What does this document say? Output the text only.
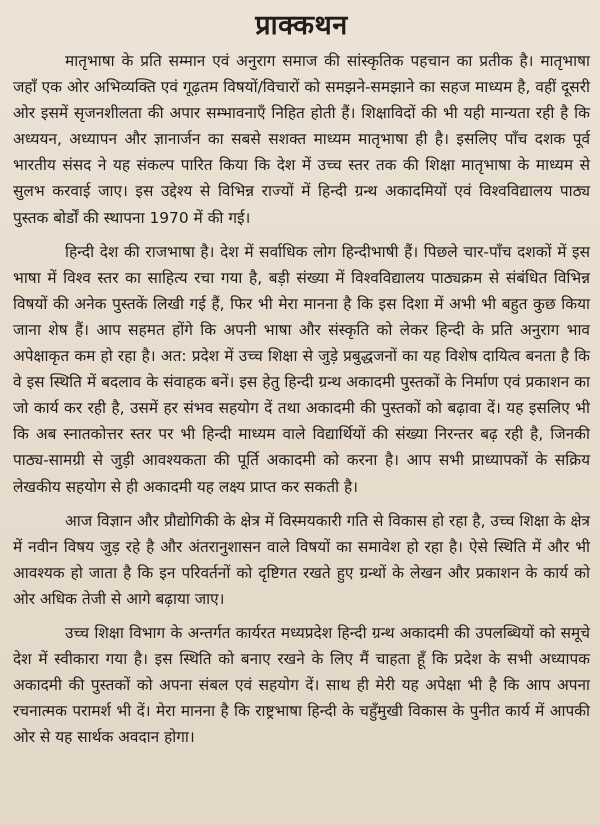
प्राक्कथन

मातृभाषा के प्रति सम्मान एवं अनुराग समाज की सांस्कृतिक पहचान का प्रतीक है। मातृभाषा जहाँ एक ओर अभिव्यक्ति एवं गूढ़तम विषयों/विचारों को समझने-समझाने का सहज माध्यम है, वहीं दूसरी ओर इसमें सृजनशीलता की अपार सम्भावनाएँ निहित होती हैं। शिक्षाविदों की भी यही मान्यता रही है कि अध्ययन, अध्यापन और ज्ञानार्जन का सबसे सशक्त माध्यम मातृभाषा ही है। इसलिए पाँच दशक पूर्व भारतीय संसद ने यह संकल्प पारित किया कि देश में उच्च स्तर तक की शिक्षा मातृभाषा के माध्यम से सुलभ करवाई जाए। इस उद्देश्य से विभिन्न राज्यों में हिन्दी ग्रन्थ अकादमियों एवं विश्वविद्यालय पाठ्य पुस्तक बोर्डों की स्थापना 1970 में की गई।

हिन्दी देश की राजभाषा है। देश में सर्वाधिक लोग हिन्दीभाषी हैं। पिछले चार-पाँच दशकों में इस भाषा में विश्व स्तर का साहित्य रचा गया है, बड़ी संख्या में विश्वविद्यालय पाठ्यक्रम से संबंधित विभिन्न विषयों की अनेक पुस्तकें लिखी गई हैं, फिर भी मेरा मानना है कि इस दिशा में अभी भी बहुत कुछ किया जाना शेष हैं। आप सहमत होंगे कि अपनी भाषा और संस्कृति को लेकर हिन्दी के प्रति अनुराग भाव अपेक्षाकृत कम हो रहा है। अत: प्रदेश में उच्च शिक्षा से जुड़े प्रबुद्धजनों का यह विशेष दायित्व बनता है कि वे इस स्थिति में बदलाव के संवाहक बनें। इस हेतु हिन्दी ग्रन्थ अकादमी पुस्तकों के निर्माण एवं प्रकाशन का जो कार्य कर रही है, उसमें हर संभव सहयोग दें तथा अकादमी की पुस्तकों को बढ़ावा दें। यह इसलिए भी कि अब स्नातकोत्तर स्तर पर भी हिन्दी माध्यम वाले विद्यार्थियों की संख्या निरन्तर बढ़ रही है, जिनकी पाठ्य-सामग्री से जुड़ी आवश्यकता की पूर्ति अकादमी को करना है। आप सभी प्राध्यापकों के सक्रिय लेखकीय सहयोग से ही अकादमी यह लक्ष्य प्राप्त कर सकती है।

आज विज्ञान और प्रौद्योगिकी के क्षेत्र में विस्मयकारी गति से विकास हो रहा है, उच्च शिक्षा के क्षेत्र में नवीन विषय जुड़ रहे है और अंतरानुशासन वाले विषयों का समावेश हो रहा है। ऐसे स्थिति में और भी आवश्यक हो जाता है कि इन परिवर्तनों को दृष्टिगत रखते हुए ग्रन्थों के लेखन और प्रकाशन के कार्य को ओर अधिक तेजी से आगे बढ़ाया जाए।

उच्च शिक्षा विभाग के अन्तर्गत कार्यरत मध्यप्रदेश हिन्दी ग्रन्थ अकादमी की उपलब्धियों को समूचे देश में स्वीकारा गया है। इस स्थिति को बनाए रखने के लिए मैं चाहता हूँ कि प्रदेश के सभी अध्यापक अकादमी की पुस्तकों को अपना संबल एवं सहयोग दें। साथ ही मेरी यह अपेक्षा भी है कि आप अपना रचनात्मक परामर्श भी दें। मेरा मानना है कि राष्ट्रभाषा हिन्दी के चहुँमुखी विकास के पुनीत कार्य में आपकी ओर से यह सार्थक अवदान होगा।
